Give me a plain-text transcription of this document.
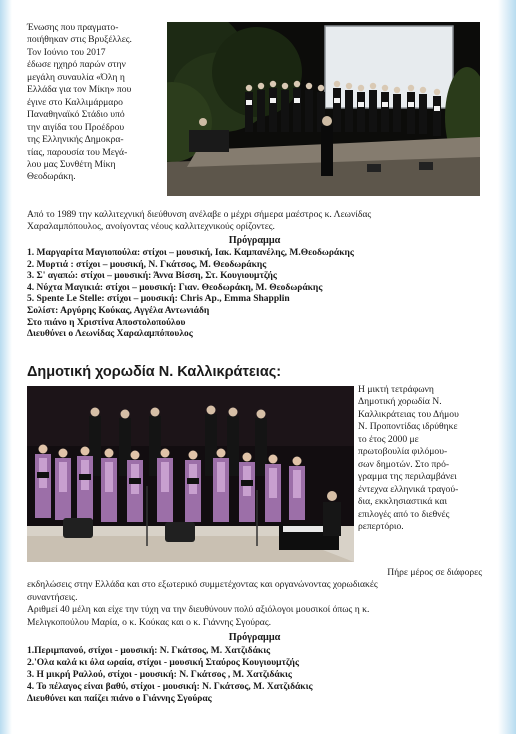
Ένωσης που πραγματο-
ποιήθηκαν στις Βρυξέλλες.
Τον Ιούνιο του 2017
έδωσε ηχηρό παρών στην
μεγάλη συναυλία «Όλη η
Ελλάδα για τον Μίκη» που
έγινε στο Καλλιμάρμαρο
Παναθηναϊκό Στάδιο υπό
την αιγίδα του Προέδρου
της Ελληνικής Δημοκρα-
τίας, παρουσία του Μεγά-
λου μας Συνθέτη Μίκη
Θεοδωράκη.
Από το 1989 την καλλιτεχνική διεύθυνση ανέλαβε ο μέχρι σήμερα μαέστρος κ. Λεωνίδας
Χαραλαμπόπουλος, ανοίγοντας νέους καλλιτεχνικούς ορίζοντες.
Πρόγραμμα
1. Μαργαρίτα Μαγιοπούλα: στίχοι – μουσική, Ιακ. Καμπανέλης, Μ.Θεοδωράκης
2. Μυρτιά : στίχοι – μουσική, Ν. Γκάτσος, Μ. Θεοδωράκης
3. Σ' αγαπώ: στίχοι – μουσική: Άννα Βίσση, Στ. Κουγιουμτζής
4. Νύχτα Μαγικιά: στίχοι – μουσική: Γιαν. Θεοδωράκη, Μ. Θεοδωράκης
5. Spente Le Stelle: στίχοι – μουσική: Chris Ap., Emma Shapplin
Σολίστ: Αργύρης Κούκας, Αγγέλα Αντωνιάδη
Στο πιάνο η Χριστίνα Αποστολοπούλου
Διευθύνει ο Λεωνίδας Χαραλαμπόπουλος
Δημοτική χορωδία Ν. Καλλικράτειας:
Η μικτή τετράφωνη
Δημοτική χορωδία Ν.
Καλλικράτειας του Δήμου
Ν. Προποντίδας ιδρύθηκε
το έτος 2000 με
πρωτοβουλία φιλόμου-
σων δημοτών. Στο πρό-
γραμμα της περιλαμβάνει
έντεχνα ελληνικά τραγού-
δια, εκκλησιαστικά και
επιλογές από το διεθνές
ρεπερτόριο.
Πήρε μέρος σε διάφορες
εκδηλώσεις στην Ελλάδα και στο εξωτερικό συμμετέχοντας και οργανώνοντας χορωδιακές
συναντήσεις.
Αριθμεί 40 μέλη και είχε την τύχη να την διευθύνουν πολύ αξιόλογοι μουσικοί όπως η κ.
Μελιγκοπούλου Μαρία, ο κ. Κούκας και ο κ. Γιάννης Σγούρας.
Πρόγραμμα
1.Περιμπανού, στίχοι - μουσική: Ν. Γκάτσος, Μ. Χατζιδάκις
2.'Ολα καλά κι όλα ωραία, στίχοι - μουσική Σταύρος Κουγιουμτζής
3. Η μικρή Ραλλού, στίχοι - μουσική: Ν. Γκάτσος , Μ. Χατζιδάκις
4. Το πέλαγος είναι βαθύ, στίχοι - μουσική: Ν. Γκάτσος, Μ. Χατζιδάκις
Διευθύνει και παίζει πιάνο ο Γιάννης Σγούρας
